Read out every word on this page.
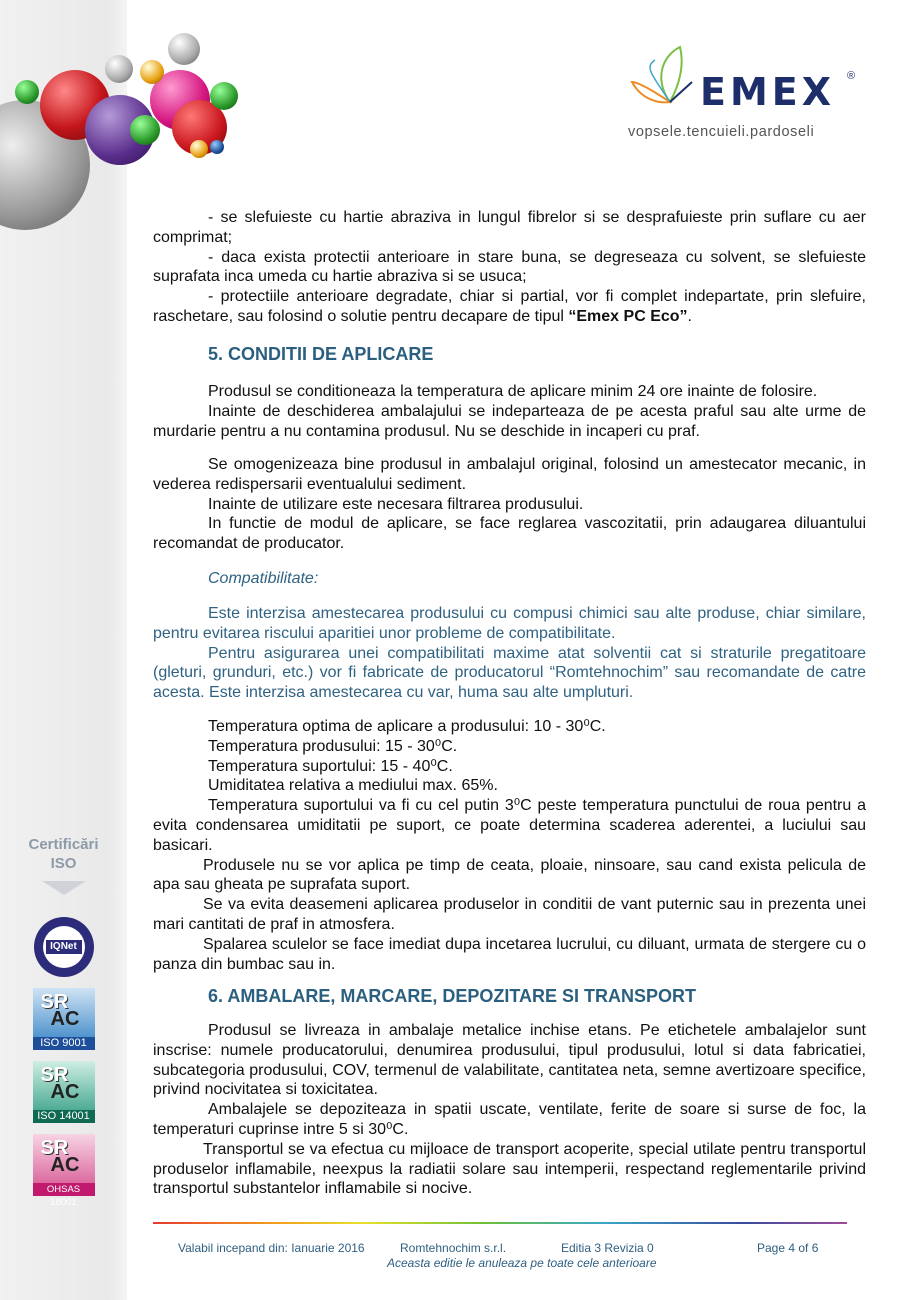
EMEX ®
vopsele.tencuieli.pardoseli
- se slefuieste cu hartie abraziva in lungul fibrelor si se desprafuieste prin suflare cu aer comprimat;
- daca exista protectii anterioare in stare buna, se degreseaza cu solvent, se slefuieste suprafata inca umeda cu hartie abraziva si se usuca;
- protectiile anterioare degradate, chiar si partial, vor fi complet indepartate, prin slefuire, raschetare, sau folosind o solutie pentru decapare de tipul “Emex PC Eco”.
5. CONDITII DE APLICARE
Produsul se conditioneaza la temperatura de aplicare minim 24 ore inainte de folosire.
Inainte de deschiderea ambalajului se indeparteaza de pe acesta praful sau alte urme de murdarie pentru a nu contamina produsul. Nu se deschide in incaperi cu praf.
Se omogenizeaza bine produsul in ambalajul original, folosind un amestecator mecanic, in vederea redispersarii eventualului sediment.
Inainte de utilizare este necesara filtrarea produsului.
In functie de modul de aplicare, se face reglarea vascozitatii, prin adaugarea diluantului recomandat de producator.
Compatibilitate:
Este interzisa amestecarea produsului cu compusi chimici sau alte produse, chiar similare, pentru evitarea riscului aparitiei unor probleme de compatibilitate.
Pentru asigurarea unei compatibilitati maxime atat solventii cat si straturile pregatitoare (gleturi, grunduri, etc.) vor fi fabricate de producatorul “Romtehnochim” sau recomandate de catre acesta. Este interzisa amestecarea cu var, huma sau alte umpluturi.
Temperatura optima de aplicare a produsului: 10 - 30⁰C.
Temperatura produsului: 15 - 30⁰C.
Temperatura suportului: 15 - 40⁰C.
Umiditatea relativa a mediului max. 65%.
Temperatura suportului va fi cu cel putin 3⁰C peste temperatura punctului de roua pentru a evita condensarea umiditatii pe suport, ce poate determina scaderea aderentei, a luciului sau basicari.
Produsele nu se vor aplica pe timp de ceata, ploaie, ninsoare, sau cand exista pelicula de apa sau gheata pe suprafata suport.
Se va evita deasemeni aplicarea produselor in conditii de vant puternic sau in prezenta unei mari cantitati de praf in atmosfera.
Spalarea sculelor se face imediat dupa incetarea lucrului, cu diluant, urmata de stergere cu o panza din bumbac sau in.
6. AMBALARE, MARCARE, DEPOZITARE SI TRANSPORT
Produsul se livreaza in ambalaje metalice inchise etans. Pe etichetele ambalajelor sunt inscrise: numele producatorului, denumirea produsului, tipul produsului, lotul si data fabricatiei, subcategoria produsului, COV, termenul de valabilitate, cantitatea neta, semne avertizoare specifice, privind nocivitatea si toxicitatea.
Ambalajele se depoziteaza in spatii uscate, ventilate, ferite de soare si surse de foc, la temperaturi cuprinse intre 5 si 30⁰C.
Transportul se va efectua cu mijloace de transport acoperite, special utilate pentru transportul produselor inflamabile, neexpus la radiatii solare sau intemperii, respectand reglementarile privind transportul substantelor inflamabile si nocive.
Certificări
ISO
IQNet
SR
AC
ISO 9001
SR
AC
ISO 14001
SR
AC
OHSAS 18001
Valabil incepand din: Ianuarie 2016	Romtehnochim s.r.l.	Editia 3 Revizia 0	Page 4 of 6
Aceasta editie le anuleaza pe toate cele anterioare
